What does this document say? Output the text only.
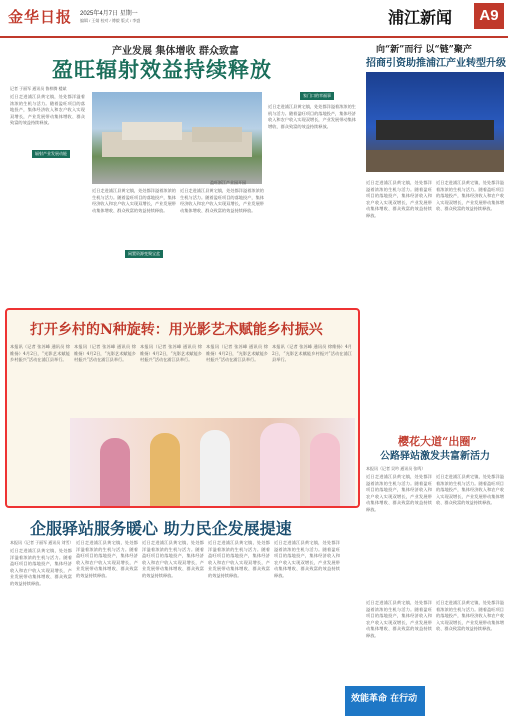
金华日报 2025年4月7日 星期一
编辑 / 王婧 校对 / 傅毅 版式 / 李盛	浦江新闻	A9
产业发展 集体增收 群众致富
盈旺辐射效益持续释放
记者 于丽军 通讯员 鲁梓腾 楼斌
近日走进浦江县黄宅镇，处处都洋溢着浓浓的生机与活力。随着盈旺项目的落地投产，集体经济收入和农户收入实现双增长，产业发展带动集体增收、群众致富的效益持续释放。
辐射产业发展动能
盈旺浙江产业园开园
近日走进浦江县黄宅镇，处处都洋溢着浓浓的生机与活力。随着盈旺项目的落地投产，集体经济收入和农户收入实现双增长，产业发展带动集体增收、群众致富的效益持续释放。
闲置资源变聚宝盆
近日走进浦江县黄宅镇，处处都洋溢着浓浓的生机与活力。随着盈旺项目的落地投产，集体经济收入和农户收入实现双增长，产业发展带动集体增收、群众致富的效益持续释放。
家门口的幸福事
近日走进浦江县黄宅镇，处处都洋溢着浓浓的生机与活力。随着盈旺项目的落地投产，集体经济收入和农户收入实现双增长，产业发展带动集体增收、群众致富的效益持续释放。
向“新”而行 以“链”聚产
招商引资助推浦江产业转型升级
近日走进浦江县黄宅镇，处处都洋溢着浓浓的生机与活力。随着盈旺项目的落地投产，集体经济收入和农户收入实现双增长，产业发展带动集体增收、群众致富的效益持续释放。
近日走进浦江县黄宅镇，处处都洋溢着浓浓的生机与活力。随着盈旺项目的落地投产，集体经济收入和农户收入实现双增长，产业发展带动集体增收、群众致富的效益持续释放。
打开乡村的N种旋转：用光影艺术赋能乡村振兴
本报讯（记者 张苏峰 通讯员 徐维扬）4月2日，“光影艺术赋能乡村振兴”活动在浦江县举行。
本报讯（记者 张苏峰 通讯员 徐维扬）4月2日，“光影艺术赋能乡村振兴”活动在浦江县举行。
本报讯（记者 张苏峰 通讯员 徐维扬）4月2日，“光影艺术赋能乡村振兴”活动在浦江县举行。
本报讯（记者 张苏峰 通讯员 徐维扬）4月2日，“光影艺术赋能乡村振兴”活动在浦江县举行。
本报讯（记者 张苏峰 通讯员 徐维扬）4月2日，“光影艺术赋能乡村振兴”活动在浦江县举行。
樱花大道“出圈”
公路驿站激发共富新活力
本报讯（记者 吴吟 通讯员 张鸣）
近日走进浦江县黄宅镇，处处都洋溢着浓浓的生机与活力。随着盈旺项目的落地投产，集体经济收入和农户收入实现双增长，产业发展带动集体增收、群众致富的效益持续释放。
近日走进浦江县黄宅镇，处处都洋溢着浓浓的生机与活力。随着盈旺项目的落地投产，集体经济收入和农户收入实现双增长，产业发展带动集体增收、群众致富的效益持续释放。
企服驿站服务暖心 助力民企发展提速
本报讯（记者 于丽军 通讯员 刘雪）
近日走进浦江县黄宅镇，处处都洋溢着浓浓的生机与活力。随着盈旺项目的落地投产，集体经济收入和农户收入实现双增长，产业发展带动集体增收、群众致富的效益持续释放。
近日走进浦江县黄宅镇，处处都洋溢着浓浓的生机与活力。随着盈旺项目的落地投产，集体经济收入和农户收入实现双增长，产业发展带动集体增收、群众致富的效益持续释放。
近日走进浦江县黄宅镇，处处都洋溢着浓浓的生机与活力。随着盈旺项目的落地投产，集体经济收入和农户收入实现双增长，产业发展带动集体增收、群众致富的效益持续释放。
近日走进浦江县黄宅镇，处处都洋溢着浓浓的生机与活力。随着盈旺项目的落地投产，集体经济收入和农户收入实现双增长，产业发展带动集体增收、群众致富的效益持续释放。
近日走进浦江县黄宅镇，处处都洋溢着浓浓的生机与活力。随着盈旺项目的落地投产，集体经济收入和农户收入实现双增长，产业发展带动集体增收、群众致富的效益持续释放。
近日走进浦江县黄宅镇，处处都洋溢着浓浓的生机与活力。随着盈旺项目的落地投产，集体经济收入和农户收入实现双增长，产业发展带动集体增收、群众致富的效益持续释放。
近日走进浦江县黄宅镇，处处都洋溢着浓浓的生机与活力。随着盈旺项目的落地投产，集体经济收入和农户收入实现双增长，产业发展带动集体增收、群众致富的效益持续释放。
效能革命 在行动
